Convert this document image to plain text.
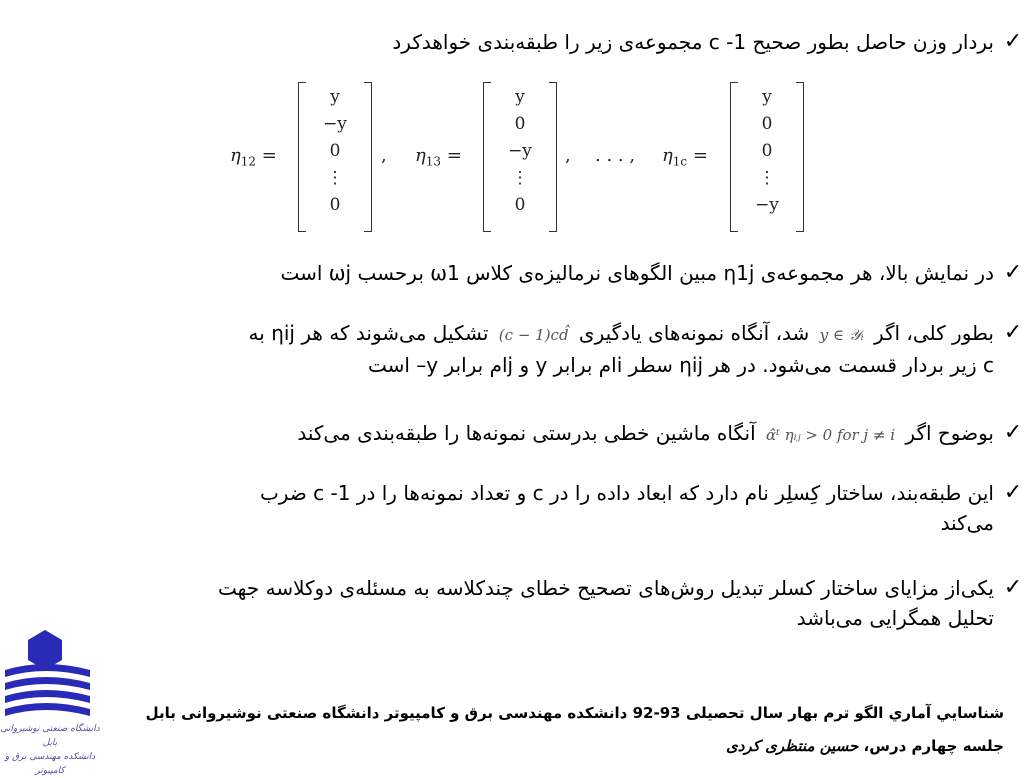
✓
بردار وزن حاصل بطور صحیح c -1 مجموعه‌ی زیر را طبقه‌بندی خواهدکرد
$\eta_{12}$ =
y
−y
0
⋮
0
, $\eta_{13}$ =
y
0
−y
⋮
0
, . . . , $\eta_{1c}$ =
y
0
0
⋮
−y
✓
در نمایش بالا، هر مجموعه‌ی η1j مبین الگوهای نرمالیزه‌ی کلاس ω1 برحسب ωj است
✓
بطور کلی، اگر y ∈ 𝒴ᵢ شد، آنگاه نمونه‌های یادگیری (c − 1)cd̂ تشکیل می‌شوند که هر ηij به
c زیر بردار قسمت می‌شود. در هر ηij سطر iام برابر y و jام برابر y– است
✓
بوضوح اگر α̂ᵗ ηᵢⱼ > 0 for j ≠ i آنگاه ماشین خطی بدرستی نمونه‌ها را طبقه‌بندی می‌کند
✓
این طبقه‌بند، ساختار کِسلِر نام دارد که ابعاد داده را در c و تعداد نمونه‌ها را در c -1 ضرب
می‌کند
✓
یکی‌از مزایای ساختار کسلر تبدیل روش‌های تصحیح خطای چندکلاسه به مسئله‌ی دوکلاسه جهت
تحلیل همگرایی می‌باشد
دانشگاه صنعتی نوشیروانی بابل
دانشکده مهندسی برق و کامپیوتر
شناسايي آماري الگو ترم بهار سال تحصیلی 93-92 دانشکده مهندسی برق و کامپیوتر دانشگاه صنعتی نوشیروانی بابل
جلسه چهارم درس، حسین منتظری کردی
